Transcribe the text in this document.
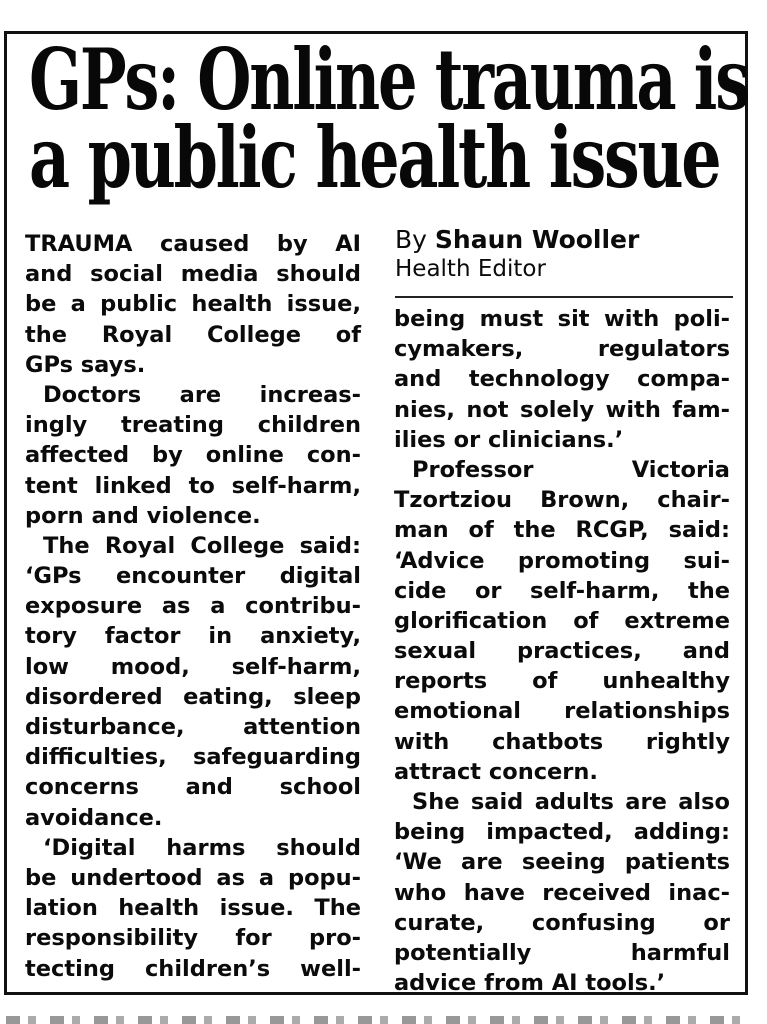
GPs: Online trauma is
a public health issue
TRAUMA caused by AI
and social media should
be a public health issue,
the Royal College of
GPs says.
Doctors are increas-
ingly treating children
affected by online con-
tent linked to self-harm,
porn and violence.
The Royal College said:
‘GPs encounter digital
exposure as a contribu-
tory factor in anxiety,
low mood, self-harm,
disordered eating, sleep
disturbance, attention
difficulties, safeguarding
concerns and school
avoidance.
‘Digital harms should
be undertood as a popu-
lation health issue. The
responsibility for pro-
tecting children’s well-
By Shaun Wooller
Health Editor
being must sit with poli-
cymakers, regulators
and technology compa-
nies, not solely with fam-
ilies or clinicians.’
Professor Victoria
Tzortziou Brown, chair-
man of the RCGP, said:
‘Advice promoting sui-
cide or self-harm, the
glorification of extreme
sexual practices, and
reports of unhealthy
emotional relationships
with chatbots rightly
attract concern.
She said adults are also
being impacted, adding:
‘We are seeing patients
who have received inac-
curate, confusing or
potentially harmful
advice from AI tools.’
